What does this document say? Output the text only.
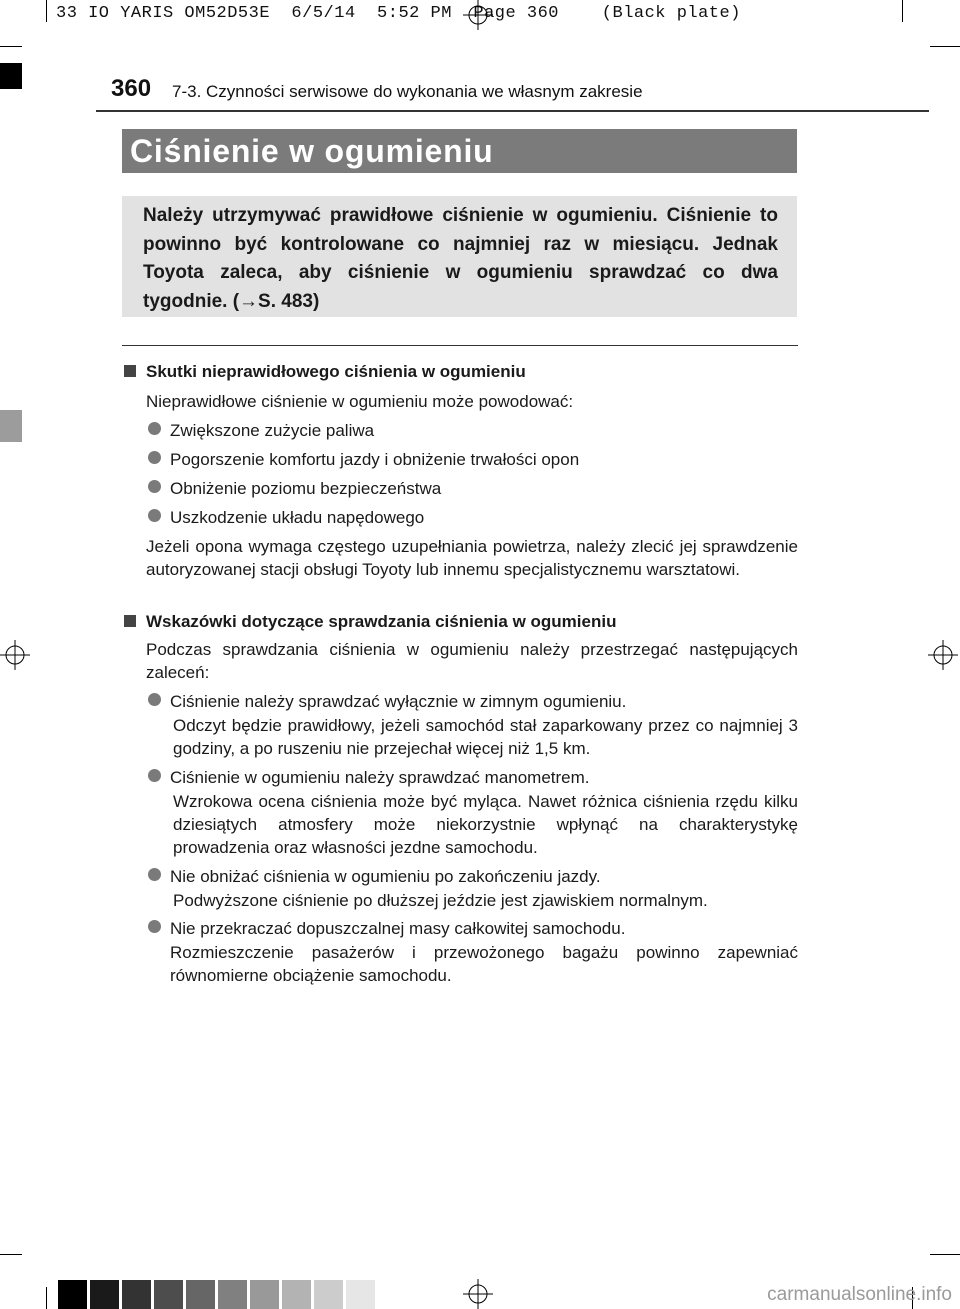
33 IO YARIS OM52D53E  6/5/14  5:52 PM  Page 360    (Black plate)
360 7-3. Czynności serwisowe do wykonania we własnym zakresie
Ciśnienie w ogumieniu
Należy utrzymywać prawidłowe ciśnienie w ogumieniu. Ciśnienie to powinno być kontrolowane co najmniej raz w miesiącu. Jednak Toyota zaleca, aby ciśnienie w ogumieniu sprawdzać co dwa tygodnie. (→S. 483)
Skutki nieprawidłowego ciśnienia w ogumieniu
Nieprawidłowe ciśnienie w ogumieniu może powodować:
Zwiększone zużycie paliwa
Pogorszenie komfortu jazdy i obniżenie trwałości opon
Obniżenie poziomu bezpieczeństwa
Uszkodzenie układu napędowego
Jeżeli opona wymaga częstego uzupełniania powietrza, należy zlecić jej sprawdzenie autoryzowanej stacji obsługi Toyoty lub innemu specjalistycznemu warsztatowi.
Wskazówki dotyczące sprawdzania ciśnienia w ogumieniu
Podczas sprawdzania ciśnienia w ogumieniu należy przestrzegać następujących zaleceń:
Ciśnienie należy sprawdzać wyłącznie w zimnym ogumieniu.
Odczyt będzie prawidłowy, jeżeli samochód stał zaparkowany przez co najmniej 3 godziny, a po ruszeniu nie przejechał więcej niż 1,5 km.
Ciśnienie w ogumieniu należy sprawdzać manometrem.
Wzrokowa ocena ciśnienia może być myląca. Nawet różnica ciśnienia rzędu kilku dziesiątych atmosfery może niekorzystnie wpłynąć na charakterystykę prowadzenia oraz własności jezdne samochodu.
Nie obniżać ciśnienia w ogumieniu po zakończeniu jazdy.
Podwyższone ciśnienie po dłuższej jeździe jest zjawiskiem normalnym.
Nie przekraczać dopuszczalnej masy całkowitej samochodu.
Rozmieszczenie pasażerów i przewożonego bagażu powinno zapewniać równomierne obciążenie samochodu.
carmanualsonline.info
